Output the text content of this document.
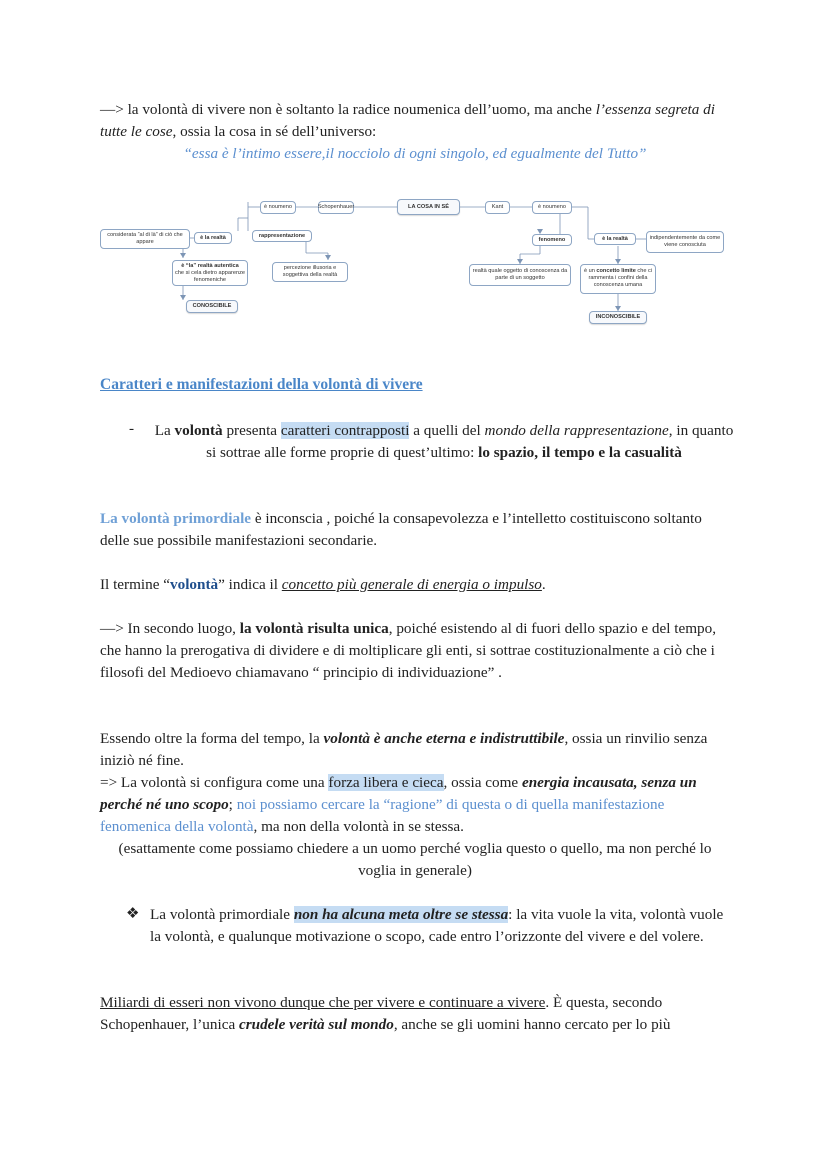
—> la volontà di vivere non è soltanto la radice noumenica dell’uomo, ma anche l’essenza segreta di tutte le cose, ossia la cosa in sé dell’universo:

“essa è l’intimo essere,il nocciolo di ogni singolo, ed egualmente del Tutto”
LA COSA IN SÉ
Schopenhauer
è noumeno
rappresentazione
è la realtà
considerata “al di là” di ciò che appare
è “la” realtà autentica
che si cela dietro apparenze fenomeniche
percezione illusoria e soggettiva della realtà
CONOSCIBILE
Kant	è noumeno
fenomeno
realtà quale oggetto di conoscenza da parte di un soggetto
è la realtà	indipendentemente da come viene conosciuta
è un concetto limite che ci rammenta i confini della conoscenza umana
INCONOSCIBILE
Caratteri e manifestazioni della volontà di vivere
- La volontà presenta caratteri contrapposti a quelli del mondo della rappresentazione, in quanto si sottrae alle forme proprie di quest’ultimo: lo spazio, il tempo e la casualità

La volontà primordiale è inconscia , poiché la consapevolezza e l’intelletto costituiscono soltanto delle sue possibile manifestazioni secondarie.

Il termine “volontà” indica il concetto più generale di energia o impulso.

—> In secondo luogo, la volontà risulta unica, poiché esistendo al di fuori dello spazio e del tempo, che hanno la prerogativa di dividere e di moltiplicare gli enti, si sottrae costituzionalmente a ciò che i filosofi del Medioevo chiamavano “ principio di individuazione” .

Essendo oltre la forma del tempo, la volontà è anche eterna e indistruttibile, ossia un rinvilio senza iniziò né fine.
=> La volontà si configura come una forza libera e cieca, ossia come energia incausata, senza un perché né uno scopo; noi possiamo cercare la “ragione” di questa o di quella manifestazione fenomenica della volontà, ma non della volontà in se stessa.

(esattamente come possiamo chiedere a un uomo perché voglia questo o quello, ma non perché lo voglia in generale)

❖ La volontà primordiale non ha alcuna meta oltre se stessa: la vita vuole la vita, volontà vuole la volontà, e qualunque motivazione o scopo, cade entro l’orizzonte del vivere e del volere.

Miliardi di esseri non vivono dunque che per vivere e continuare a vivere. È questa, secondo Schopenhauer, l’unica crudele verità sul mondo, anche se gli uomini hanno cercato per lo più
